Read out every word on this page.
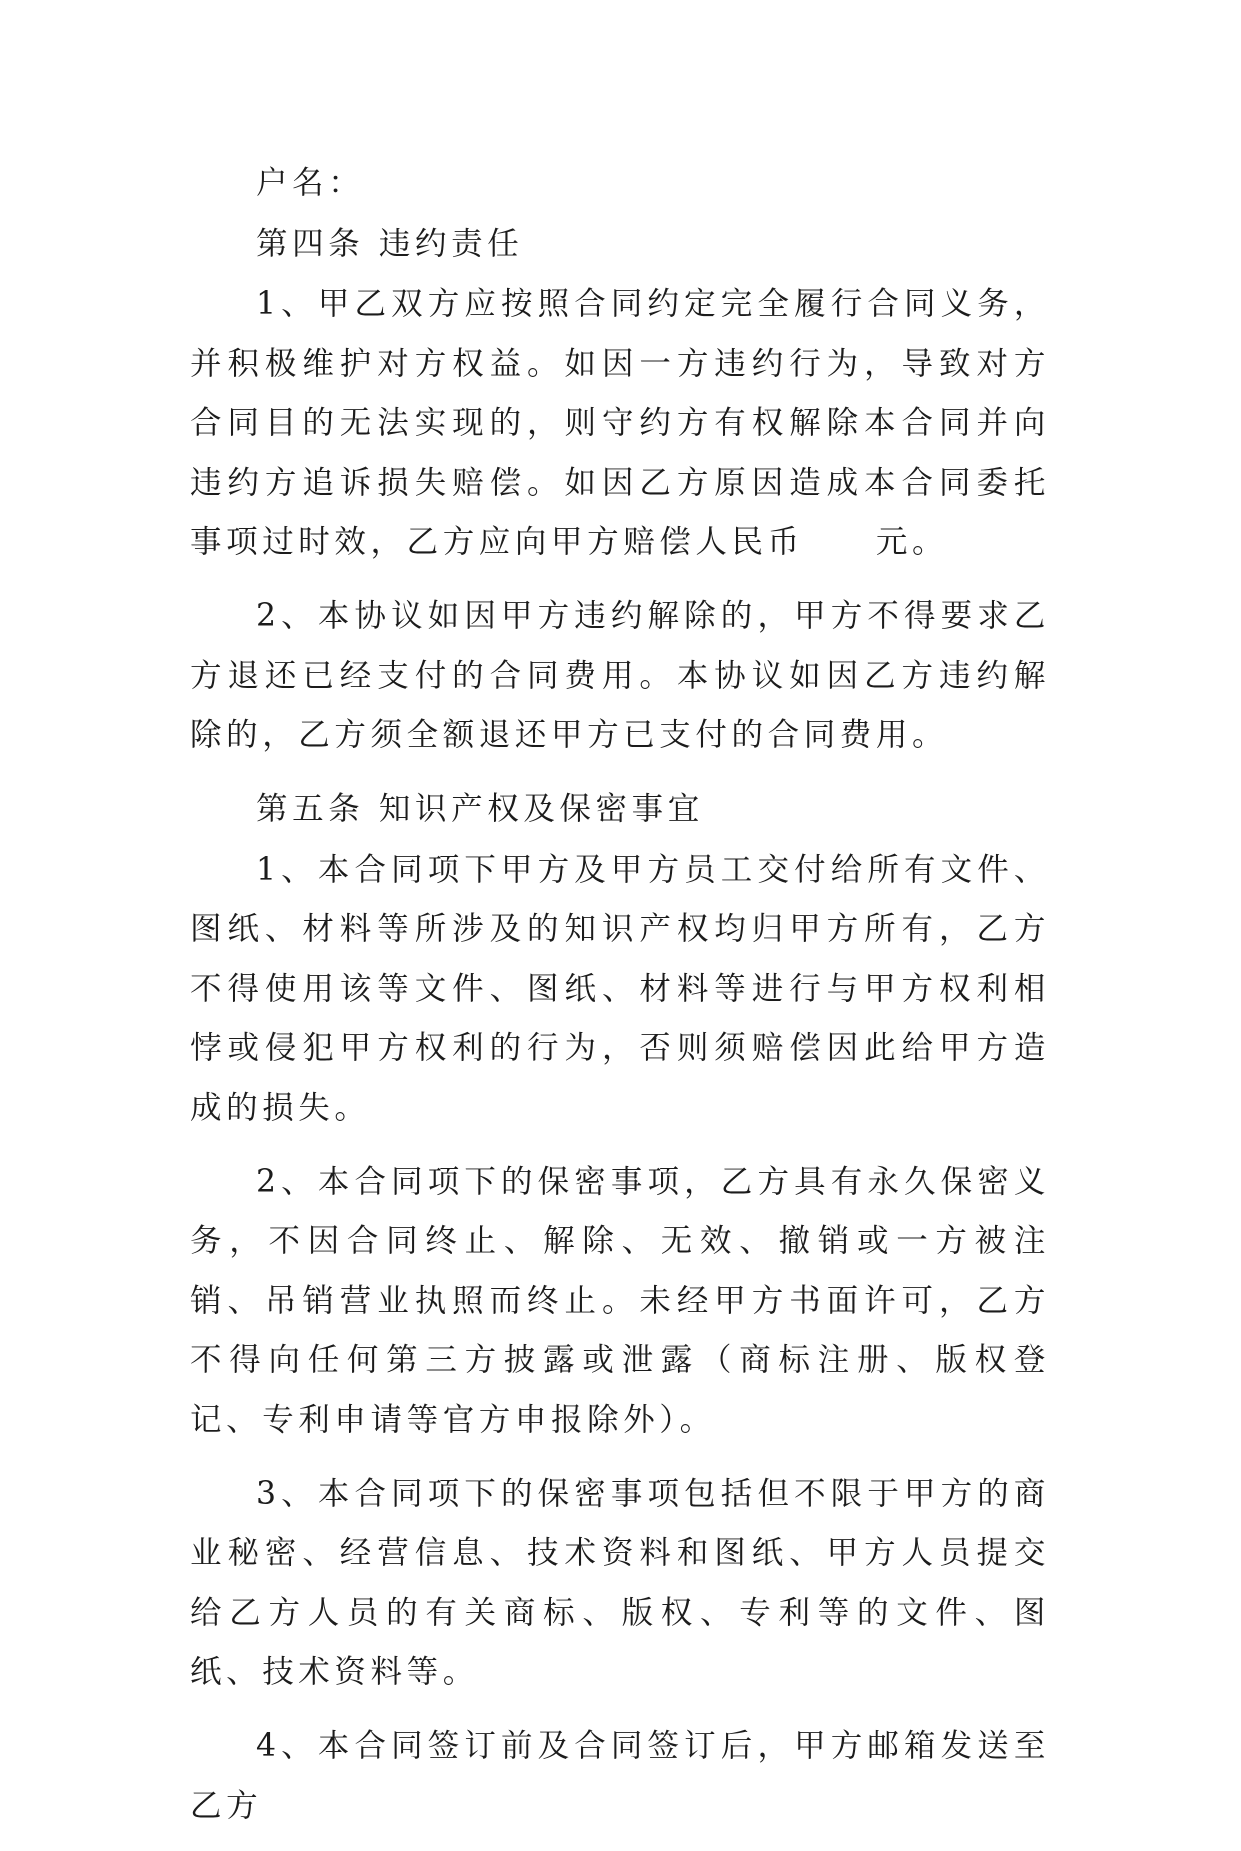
户名：

第四条 违约责任

1、甲乙双方应按照合同约定完全履行合同义务，并积极维护对方权益。如因一方违约行为，导致对方合同目的无法实现的，则守约方有权解除本合同并向违约方追诉损失赔偿。如因乙方原因造成本合同委托事项过时效，乙方应向甲方赔偿人民币　　元。

2、本协议如因甲方违约解除的，甲方不得要求乙方退还已经支付的合同费用。本协议如因乙方违约解除的，乙方须全额退还甲方已支付的合同费用。

第五条 知识产权及保密事宜

1、本合同项下甲方及甲方员工交付给所有文件、图纸、材料等所涉及的知识产权均归甲方所有，乙方不得使用该等文件、图纸、材料等进行与甲方权利相悖或侵犯甲方权利的行为，否则须赔偿因此给甲方造成的损失。

2、本合同项下的保密事项，乙方具有永久保密义务，不因合同终止、解除、无效、撤销或一方被注销、吊销营业执照而终止。未经甲方书面许可，乙方不得向任何第三方披露或泄露（商标注册、版权登记、专利申请等官方申报除外）。

3、本合同项下的保密事项包括但不限于甲方的商业秘密、经营信息、技术资料和图纸、甲方人员提交给乙方人员的有关商标、版权、专利等的文件、图纸、技术资料等。

4、本合同签订前及合同签订后，甲方邮箱发送至乙方
